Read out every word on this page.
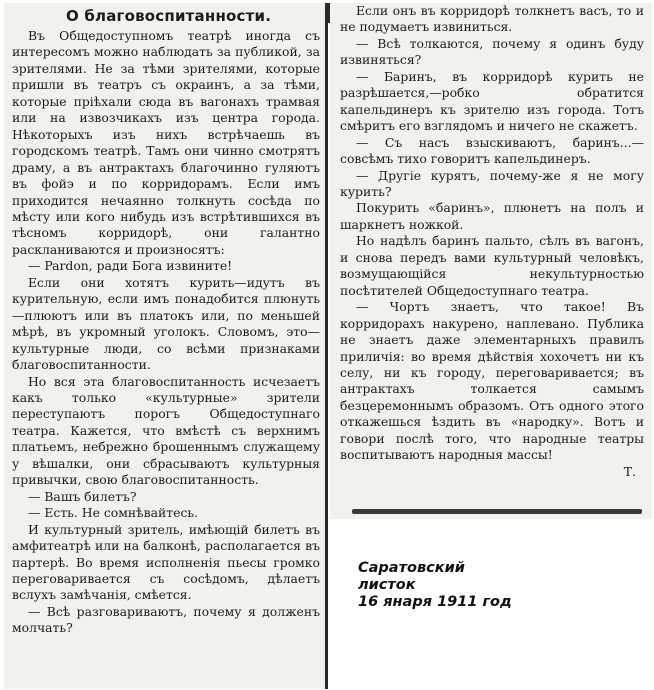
О благовоспитанности.

Въ Общедоступномъ театрѣ иногда съ интересомъ можно наблюдать за публикой, за зрителями. Не за тѣми зрителями, которые пришли въ театръ съ окраинъ, а за тѣми, которые пріѣхали сюда въ вагонахъ трамвая или на извозчикахъ изъ центра города. Нѣкоторыхъ изъ нихъ встрѣчаешь въ городскомъ театрѣ. Тамъ они чинно смотрятъ драму, а въ антрактахъ благочинно гуляютъ въ фойэ и по корридорамъ. Если имъ приходится нечаянно толкнуть сосѣда по мѣсту или кого нибудь изъ встрѣтившихся въ тѣсномъ корридорѣ, они галантно раскланиваются и произносятъ:

— Pardon, ради Бога извините!

Если они хотятъ курить—идутъ въ курительную, если имъ понадобится плюнуть—плюютъ или въ платокъ или, по меньшей мѣрѣ, въ укромный уголокъ. Словомъ, это—культурные люди, со всѣми признаками благовоспитанности.

Но вся эта благовоспитанность исчезаетъ какъ только «культурные» зрители переступаютъ порогъ Общедоступнаго театра. Кажется, что вмѣстѣ съ верхнимъ платьемъ, небрежно брошеннымъ служащему у вѣшалки, они сбрасываютъ культурныя привычки, свою благовоспитанность.

— Вашъ билетъ?

— Есть. Не сомнѣвайтесь.

И культурный зритель, имѣющій билетъ въ амфитеатрѣ или на балконѣ, располагается въ партерѣ. Во время исполненія пьесы громко переговаривается съ сосѣдомъ, дѣлаетъ вслухъ замѣчанія, смѣется.

— Всѣ разговариваютъ, почему я долженъ молчать?

Если онъ въ корридорѣ толкнетъ васъ, то и не подумаетъ извиниться.

— Всѣ толкаются, почему я одинъ буду извиняться?

— Баринъ, въ корридорѣ курить не разрѣшается,—робко обратится капельдинеръ къ зрителю изъ города. Тотъ смѣритъ его взглядомъ и ничего не скажетъ.

— Съ насъ взыскиваютъ, баринъ...—совсѣмъ тихо говоритъ капельдинеръ.

— Другіе курятъ, почему-же я не могу курить?

Покурить «баринъ», плюнетъ на полъ и шаркнетъ ножкой.

Но надѣлъ баринъ пальто, сѣлъ въ вагонъ, и снова передъ вами культурный человѣкъ, возмущающійся некультурностью посѣтителей Общедоступнаго театра.

— Чортъ знаетъ, что такое! Въ корридорахъ накурено, наплевано. Публика не знаетъ даже элементарныхъ правилъ приличія: во время дѣйствія хохочетъ ни къ селу, ни къ городу, переговаривается; въ антрактахъ толкается самымъ безцеремоннымъ образомъ. Отъ одного этого откажешься ѣздить въ «народку». Вотъ и говори послѣ того, что народные театры воспитываютъ народныя массы!

Т.

Саратовский
листок
16 янаря 1911 год
